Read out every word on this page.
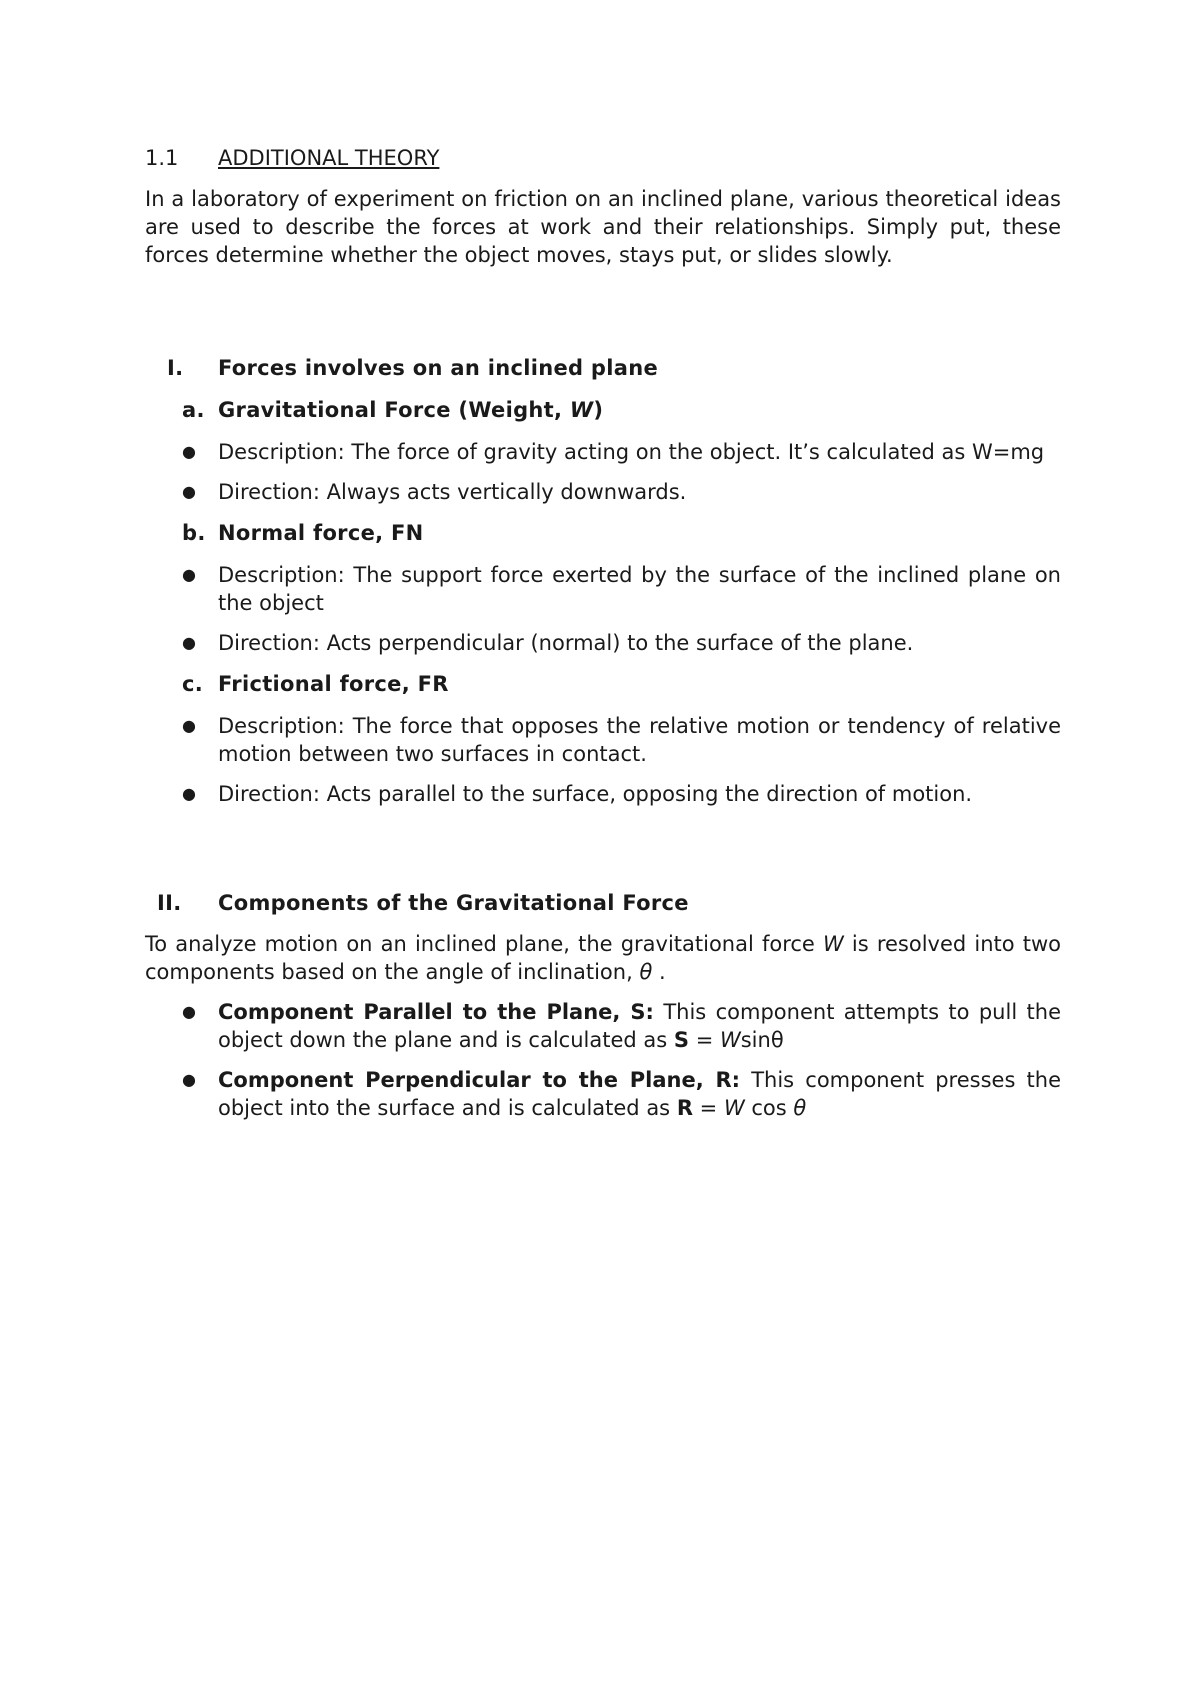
1.1	ADDITIONAL THEORY

In a laboratory of experiment on friction on an inclined plane, various theoretical ideas are used to describe the forces at work and their relationships. Simply put, these forces determine whether the object moves, stays put, or slides slowly.

I.	Forces involves on an inclined plane
a. Gravitational Force (Weight, W)
●	Description: The force of gravity acting on the object. It’s calculated as W=mg
●	Direction: Always acts vertically downwards.
b. Normal force, FN
●	Description: The support force exerted by the surface of the inclined plane on the object
●	Direction: Acts perpendicular (normal) to the surface of the plane.
c. Frictional force, FR
●	Description: The force that opposes the relative motion or tendency of relative motion between two surfaces in contact.
●	Direction: Acts parallel to the surface, opposing the direction of motion.
II.	Components of the Gravitational Force

To analyze motion on an inclined plane, the gravitational force W is resolved into two components based on the angle of inclination, θ .

●	Component Parallel to the Plane, S: This component attempts to pull the object down the plane and is calculated as S = Wsinθ
●	Component Perpendicular to the Plane, R: This component presses the object into the surface and is calculated as R = W cos θ
